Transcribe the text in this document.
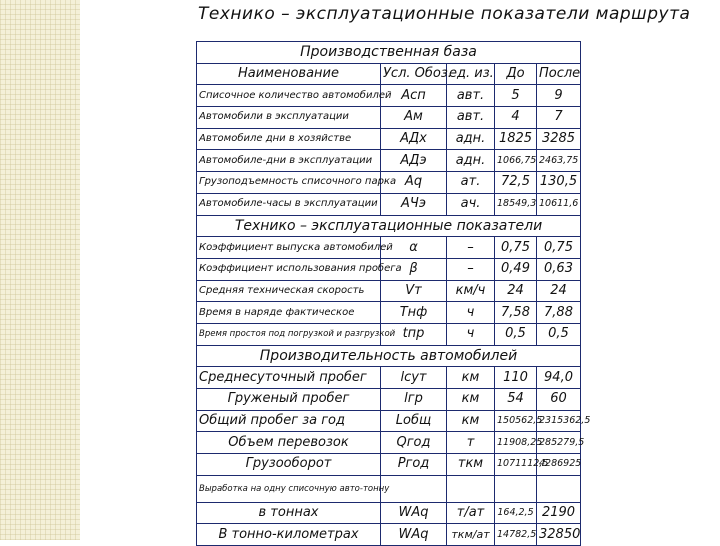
Технико – эксплуатационные показатели маршрута
Производственная база				
Наименование	Усл. Обоз.	ед. из.	До	После
Списочное количество автомобилей	Асп	авт.	5	9
Автомобили в эксплуатации	Ам	авт.	4	7
Автомобиле дни в хозяйстве	АДх	адн.	1825	3285
Автомобиле-дни в эксплуатации	АДэ	адн.	1066,75	2463,75
Грузоподъемность списочного парка	Аq	ат.	72,5	130,5
Автомобиле-часы в эксплуатации	АЧэ	ач.	18549,3	10611,6
Технико – эксплуатационные показатели				
Коэффициент выпуска автомобилей	α	–	0,75	0,75
Коэффициент использования пробега	β	–	0,49	0,63
Средняя техническая скорость	Vт	км/ч	24	24
Время в наряде фактическое	Тнф	ч	7,58	7,88
Время простоя под погрузкой и разгрузкой	tпр	ч	0,5	0,5
Производительность автомобилей				
Среднесуточный пробег	lсут	км	110	94,0
Груженый пробег	lгр	км	54	60
Общий пробег за год	Lобщ	км	150562,5	2315362,5
Объем перевозок	Qгод	т	11908,25	285279,5
Грузооборот	Ргод	ткм	1071112,5	4286925
Выработка на одну списочную авто-тонну				
в тоннах	WАq	т/ат	164,2,5	2190
В тонно-километрах	WАq	ткм/ат	14782,5	32850
